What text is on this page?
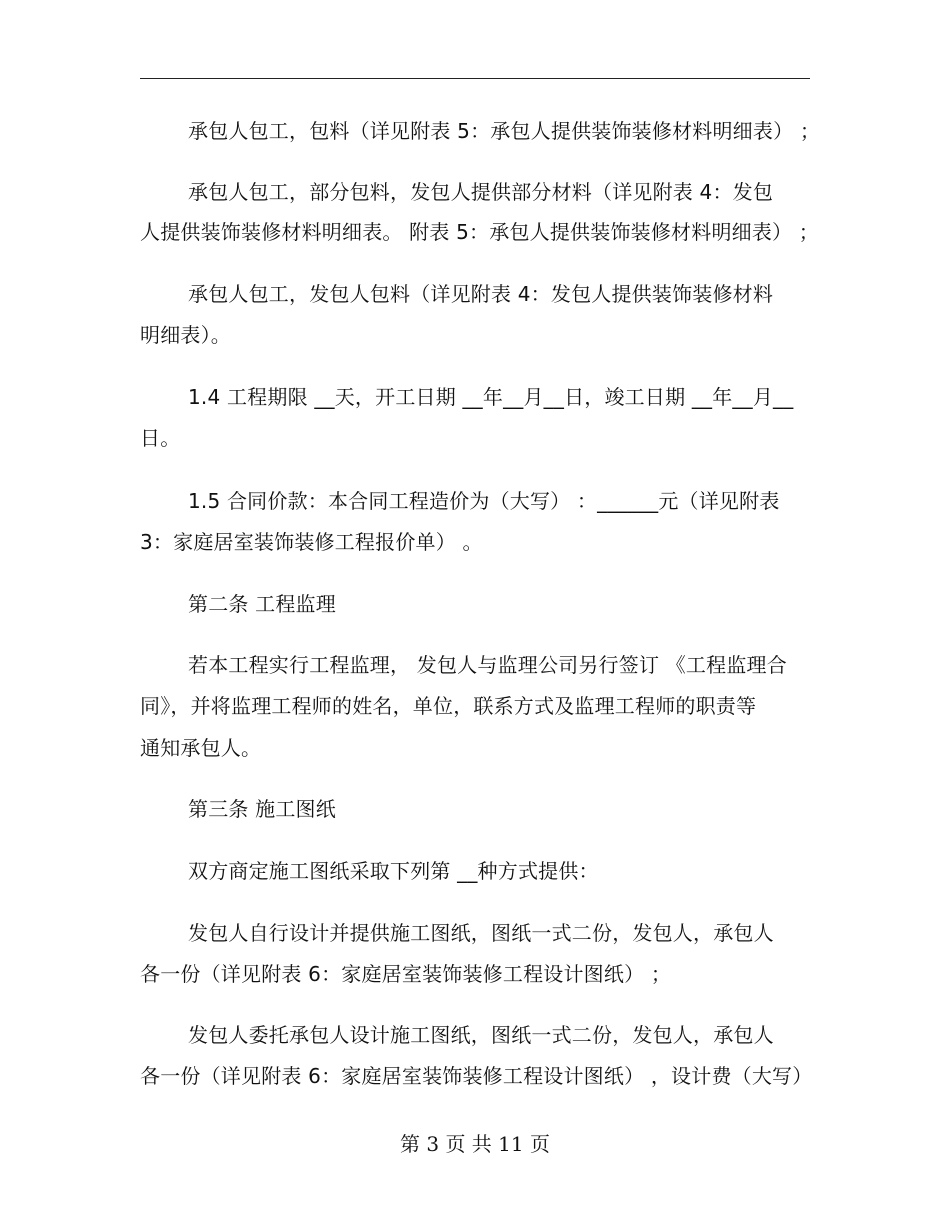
承包人包工，包料（详见附表 5：承包人提供装饰装修材料明细表） ；
承包人包工，部分包料，发包人提供部分材料（详见附表 4：发包
人提供装饰装修材料明细表。 附表 5：承包人提供装饰装修材料明细表） ；
承包人包工，发包人包料（详见附表 4：发包人提供装饰装修材料
明细表）。
1.4 工程期限 __天，开工日期 __年__月__日，竣工日期 __年__月__
日。
1.5 合同价款：本合同工程造价为（大写） ：______元（详见附表
3：家庭居室装饰装修工程报价单） 。
第二条 工程监理
若本工程实行工程监理， 发包人与监理公司另行签订 《工程监理合
同》，并将监理工程师的姓名，单位，联系方式及监理工程师的职责等
通知承包人。
第三条 施工图纸
双方商定施工图纸采取下列第 __种方式提供：
发包人自行设计并提供施工图纸，图纸一式二份，发包人，承包人
各一份（详见附表 6：家庭居室装饰装修工程设计图纸） ；
发包人委托承包人设计施工图纸，图纸一式二份，发包人，承包人
各一份（详见附表 6：家庭居室装饰装修工程设计图纸） ，设计费（大写）
第 3 页 共 11 页
